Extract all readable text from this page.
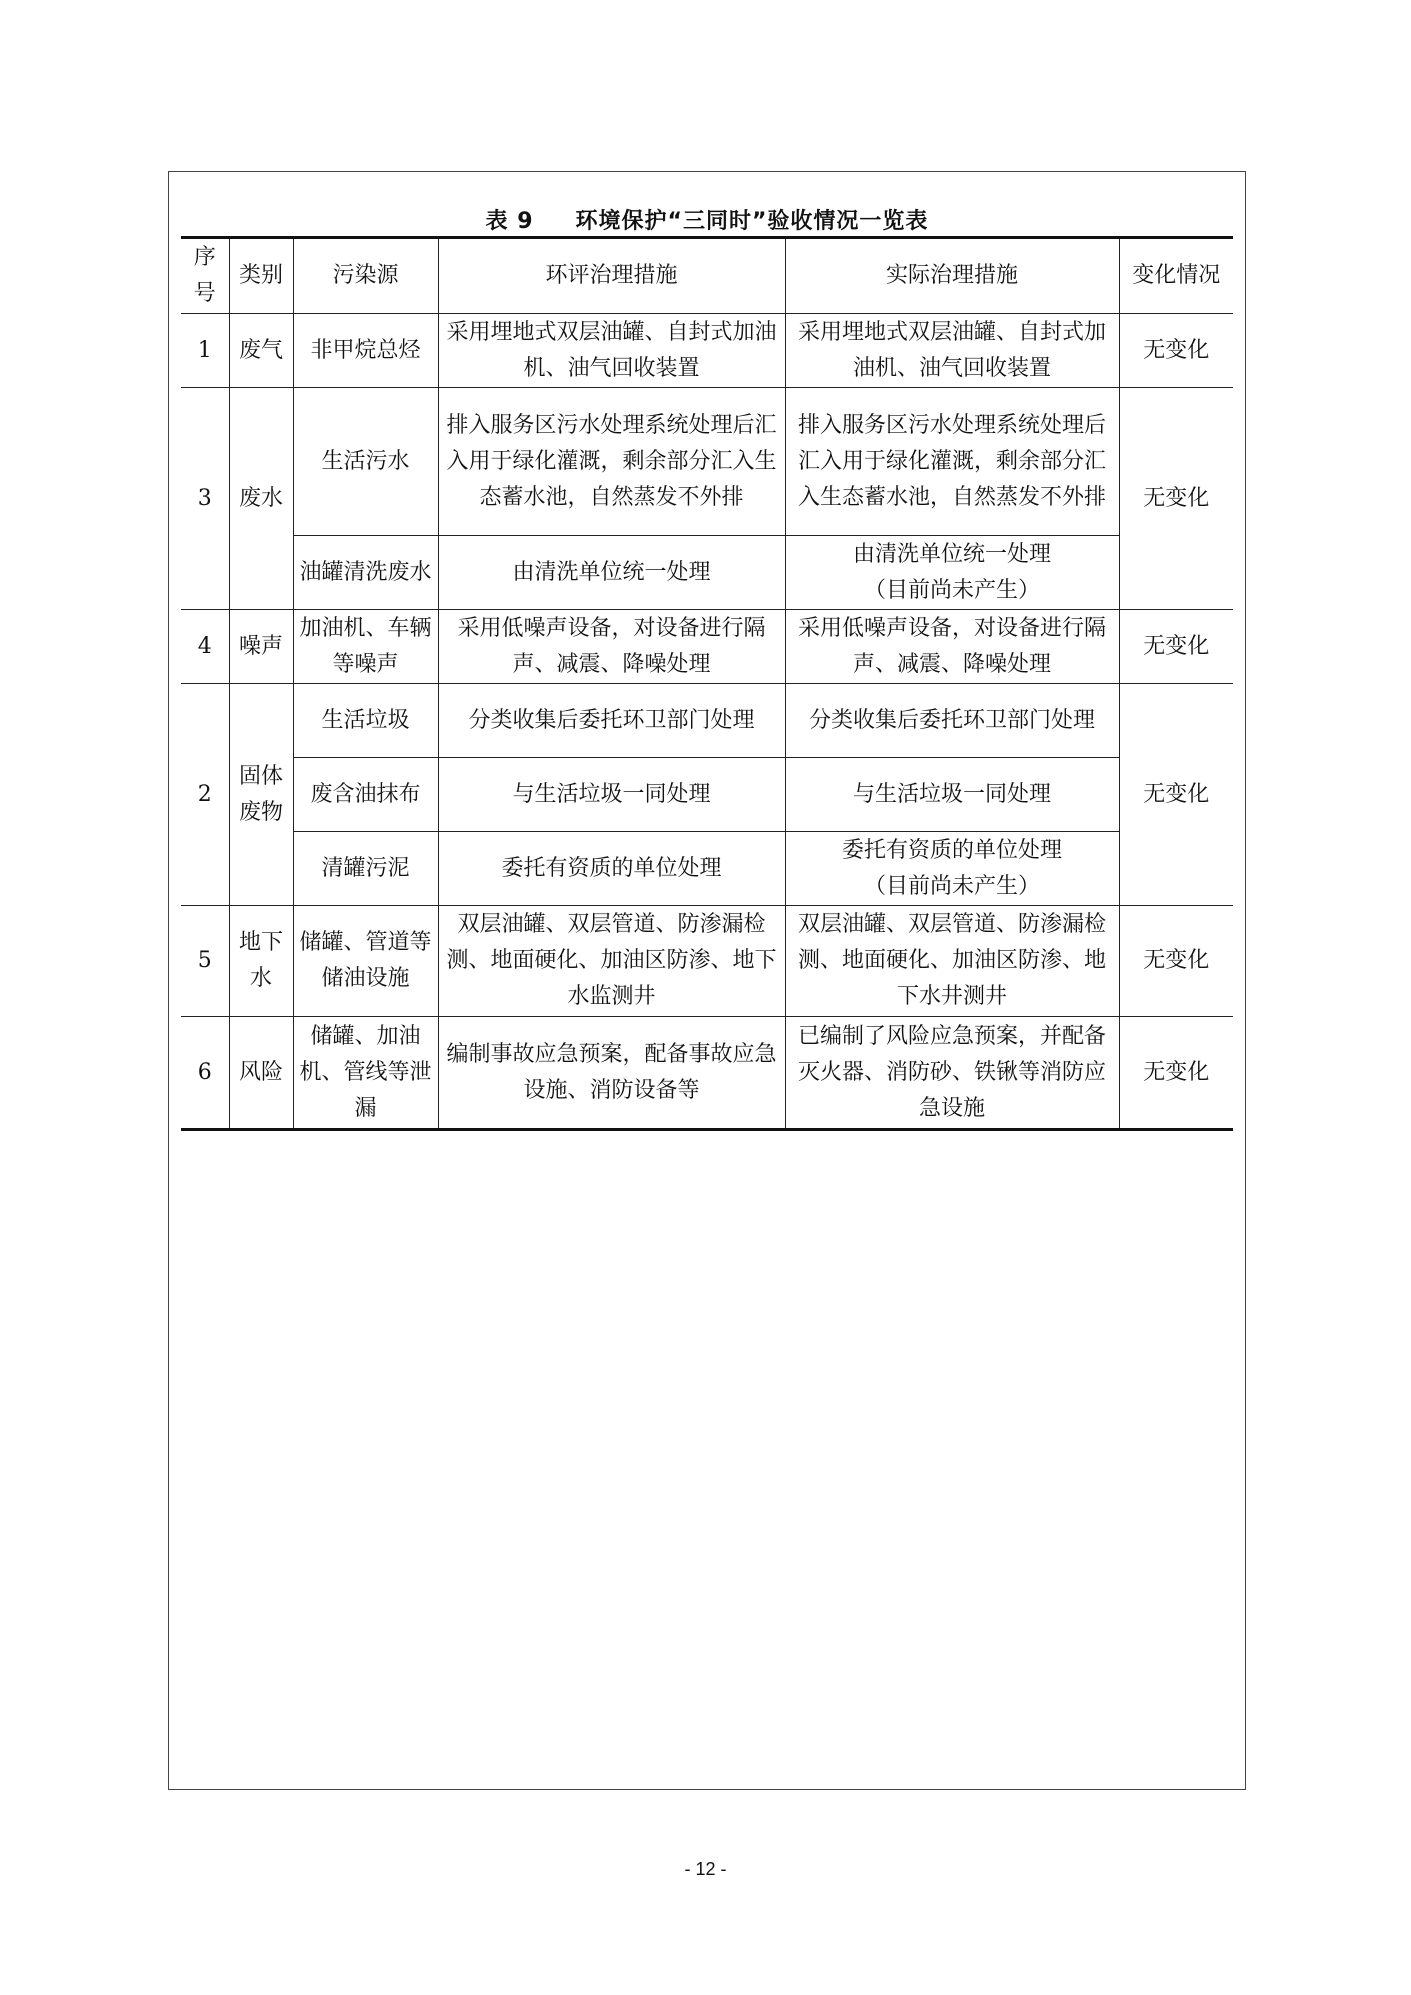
表 9 环境保护“三同时”验收情况一览表
序号	类别	污染源	环评治理措施	实际治理措施	变化情况
1	废气	非甲烷总烃	采用埋地式双层油罐、自封式加油机、油气回收装置	采用埋地式双层油罐、自封式加油机、油气回收装置	无变化
3	废水	生活污水	排入服务区污水处理系统处理后汇入用于绿化灌溉，剩余部分汇入生态蓄水池，自然蒸发不外排	排入服务区污水处理系统处理后汇入用于绿化灌溉，剩余部分汇入生态蓄水池，自然蒸发不外排	无变化
		油罐清洗废水	由清洗单位统一处理	由清洗单位统一处理
（目前尚未产生）	
4	噪声	加油机、车辆等噪声	采用低噪声设备，对设备进行隔声、减震、降噪处理	采用低噪声设备，对设备进行隔声、减震、降噪处理	无变化
2	固体废物	生活垃圾	分类收集后委托环卫部门处理	分类收集后委托环卫部门处理	无变化
		废含油抹布	与生活垃圾一同处理	与生活垃圾一同处理	
		清罐污泥	委托有资质的单位处理	委托有资质的单位处理
（目前尚未产生）	
5	地下水	储罐、管道等储油设施	双层油罐、双层管道、防渗漏检测、地面硬化、加油区防渗、地下水监测井	双层油罐、双层管道、防渗漏检测、地面硬化、加油区防渗、地下水井测井	无变化
6	风险	储罐、加油机、管线等泄漏	编制事故应急预案，配备事故应急设施、消防设备等	已编制了风险应急预案，并配备灭火器、消防砂、铁锹等消防应急设施	无变化
- 12 -
